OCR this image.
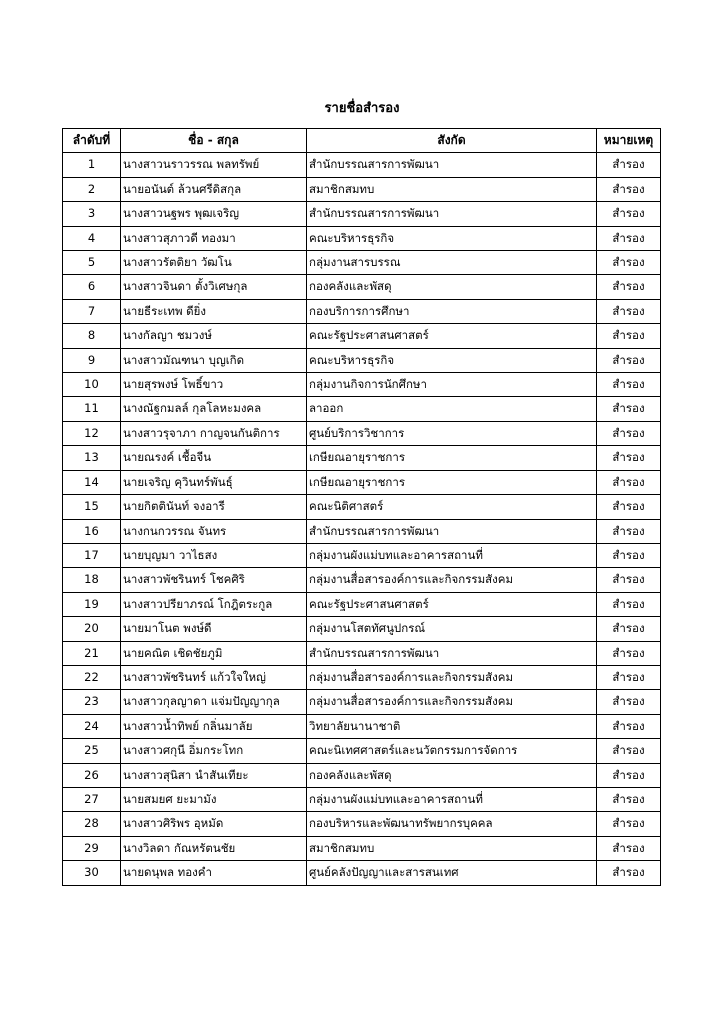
รายชื่อสำรอง
ลำดับที่	ชื่อ - สกุล	สังกัด	หมายเหตุ
1	นางสาวนราวรรณ พลทรัพย์	สำนักบรรณสารการพัฒนา	สำรอง
2	นายอนันต์ ล้วนศรีดิสกุล	สมาชิกสมทบ	สำรอง
3	นางสาวนฐพร พุฒเจริญ	สำนักบรรณสารการพัฒนา	สำรอง
4	นางสาวสุภาวดี ทองมา	คณะบริหารธุรกิจ	สำรอง
5	นางสาวรัตติยา วัฒโน	กลุ่มงานสารบรรณ	สำรอง
6	นางสาวจินดา ตั้งวิเศษกุล	กองคลังและพัสดุ	สำรอง
7	นายธีระเทพ ดียิ่ง	กองบริการการศึกษา	สำรอง
8	นางกัลญา ชมวงษ์	คณะรัฐประศาสนศาสตร์	สำรอง
9	นางสาวมัณฑนา บุญเกิด	คณะบริหารธุรกิจ	สำรอง
10	นายสุรพงษ์ โพธิ์ขาว	กลุ่มงานกิจการนักศึกษา	สำรอง
11	นางณัฐกมลล์ กุลโลหะมงคล	ลาออก	สำรอง
12	นางสาวรุจาภา กาญจนกันติการ	ศูนย์บริการวิชาการ	สำรอง
13	นายณรงค์ เชื้อจีน	เกษียณอายุราชการ	สำรอง
14	นายเจริญ คุวินทร์พันธุ์	เกษียณอายุราชการ	สำรอง
15	นายกิตตินันท์ จงอารี	คณะนิติศาสตร์	สำรอง
16	นางกนกวรรณ จันทร	สำนักบรรณสารการพัฒนา	สำรอง
17	นายบุญมา วาไธสง	กลุ่มงานผังแม่บทและอาคารสถานที่	สำรอง
18	นางสาวพัชรินทร์ โชคศิริ	กลุ่มงานสื่อสารองค์การและกิจกรรมสังคม	สำรอง
19	นางสาวปรียาภรณ์ โกฎิตระกูล	คณะรัฐประศาสนศาสตร์	สำรอง
20	นายมาโนต พงษ์ดี	กลุ่มงานโสตทัศนูปกรณ์	สำรอง
21	นายคณิต เชิดชัยภูมิ	สำนักบรรณสารการพัฒนา	สำรอง
22	นางสาวพัชรินทร์ แก้วใจใหญ่	กลุ่มงานสื่อสารองค์การและกิจกรรมสังคม	สำรอง
23	นางสาวกุลญาดา แจ่มปัญญากุล	กลุ่มงานสื่อสารองค์การและกิจกรรมสังคม	สำรอง
24	นางสาวน้ำทิพย์ กลิ่นมาลัย	วิทยาลัยนานาชาติ	สำรอง
25	นางสาวศกุนี อิ่มกระโทก	คณะนิเทศศาสตร์และนวัตกรรมการจัดการ	สำรอง
26	นางสาวสุนิสา นำสันเทียะ	กองคลังและพัสดุ	สำรอง
27	นายสมยศ ยะมามัง	กลุ่มงานผังแม่บทและอาคารสถานที่	สำรอง
28	นางสาวศิริพร อุหมัด	กองบริหารและพัฒนาทรัพยากรบุคคล	สำรอง
29	นางวิลดา กัณหรัตนชัย	สมาชิกสมทบ	สำรอง
30	นายดนุพล ทองคำ	ศูนย์คลังปัญญาและสารสนเทศ	สำรอง
